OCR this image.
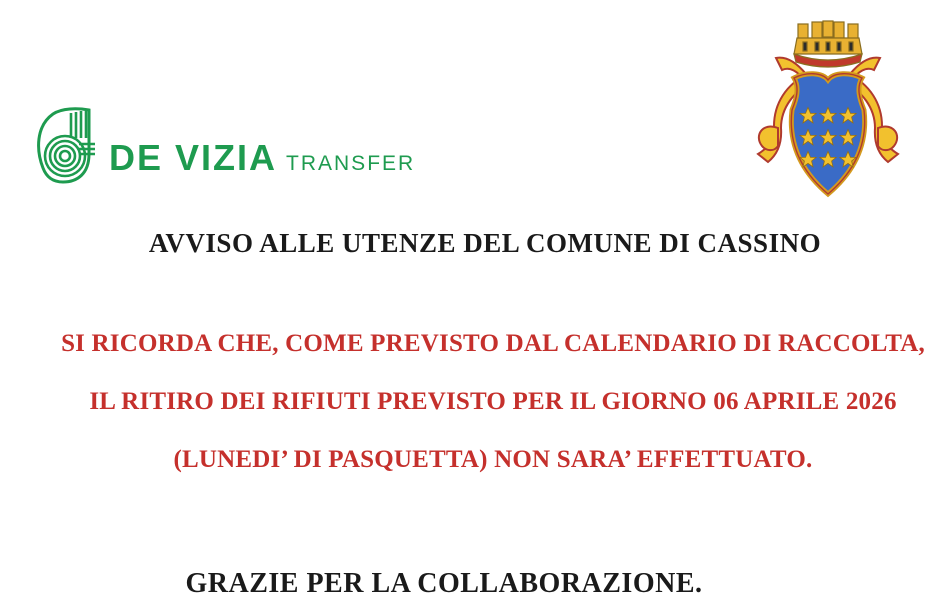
DE VIZIA TRANSFER
AVVISO ALLE UTENZE DEL COMUNE DI CASSINO
SI RICORDA CHE, COME PREVISTO DAL CALENDARIO DI RACCOLTA,
IL RITIRO DEI RIFIUTI PREVISTO PER IL GIORNO 06 APRILE 2026
(LUNEDI’ DI PASQUETTA) NON SARA’ EFFETTUATO.
GRAZIE PER LA COLLABORAZIONE.
